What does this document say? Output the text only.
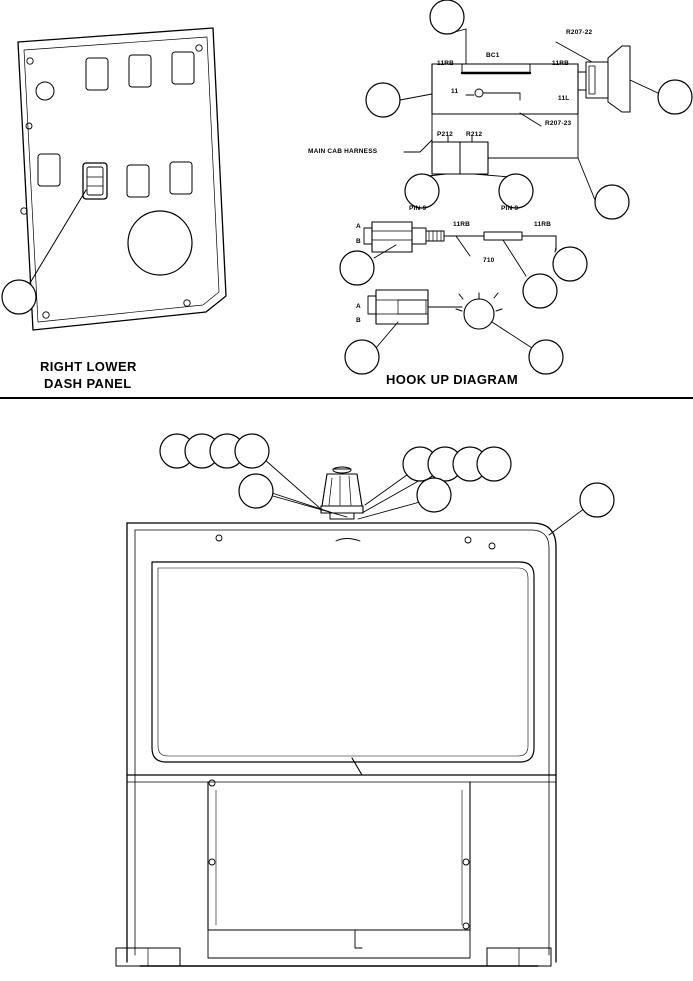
RIGHT LOWER
DASH PANEL	HOOK UP DIAGRAM
BC1
R207-22
R207-23
11RB	11RB
11L
11
MAIN CAB HARNESS
P212 R212
PIN 9	PIN 9
11RB	11RB
710
A
B
A
B
